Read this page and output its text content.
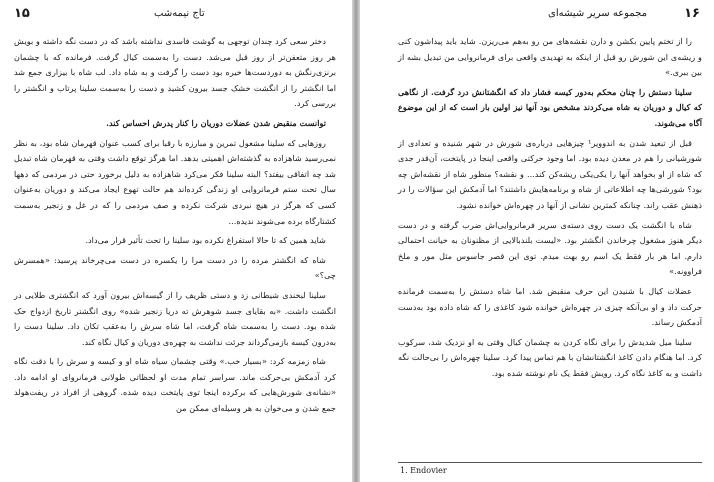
۱۵	تاج نیمه‌شب

دختر سعی کرد چندان توجهی به گوشت فاسدی نداشته باشد که در دست نگه داشته و بویش هر روز متعفن‌تر از روز قبل می‌شد. دست را به‌سمت کیال گرفت. فرمانده که با چشمان برنزی‌رنگش به دوردست‌ها خیره بود دست را گرفت و به شاه داد. لب شاه با بیزاری جمع شد اما انگشتر را از انگشت خشک جسد بیرون کشید و دست را به‌سمت سلینا پرتاب و انگشتر را بررسی کرد.

توانست منقبض شدن عضلات دوریان را کنار پدرش احساس کند.

روزهایی که سلینا مشغول تمرین و مبارزه با رقبا برای کسب عنوان قهرمان شاه بود، به نظر نمی‌رسید شاهزاده به گذشته‌اش اهمیتی بدهد. اما هرگز توقع داشت وقتی به قهرمان شاه تبدیل شد چه اتفاقی بیفتد؟ البته سلینا فکر می‌کرد شاهزاده به دلیل برخورد حتی در مردمی که دهها سال تحت ستم فرمانروایی او زندگی کرده‌اند هم حالت تهوع ایجاد می‌کند و دوریان به‌عنوان کسی که هرگز در هیچ نبردی شرکت نکرده و صف مردمی را که در غل و زنجیر به‌سمت کشتارگاه برده می‌شوند ندیده...

شاید همین که تا حالا استفراغ نکرده بود سلینا را تحت تأثیر قرار می‌داد.

شاه که انگشتر مرده را در دست مرا را یکسره در دست می‌چرخاند پرسید: «همسرش چی؟»

سلینا لبخندی شیطانی زد و دستی ظریف را از گیسه‌اش بیرون آورد که انگشتری طلایی در انگشت داشت. «به بقایای جسد شوهرش ته دریا زنجیر شده» روی انگشتر تاریخ ازدواج حک شده بود. دست را به‌سمت شاه گرفت، اما شاه سرش را به‌عقب تکان داد. سلینا دست را به‌درون کیسه بازمی‌گرداند جرئت نداشت به چهره‌ی دوریان و کیال نگاه کند.

شاه زمزمه کرد: «بسیار خب.» وقتی چشمان سیاه شاه او و کیسه و سرش را با دقت نگاه کرد آدمکش بی‌حرکت ماند. سراسر تمام مدت او لحظاتی طولانی فرمانروای او ادامه داد. «نشانه‌ی شورش‌هایی که برکرده اینجا توی پایتخت دیده شده. گروهی از افراد در ریفت‌هولد جمع شدن و می‌خوان به هر وسیله‌ای ممکن من

مجموعه سریر شیشه‌ای	۱۶

را از تختم پایین بکشن و دارن نقشه‌های من رو به‌هم می‌ریزن. شاید باید پیداشون کنی و ریشه‌ی این شورش رو قبل از اینکه به تهدیدی واقعی برای فرمانروایی من تبدیل بشه از بین ببری.»

سلینا دستش را چنان محکم به‌دور کیسه فشار داد که انگشتانش درد گرفت. از نگاهی که کیال و دوریان به شاه می‌کردند مشخص بود آنها نیز اولین بار است که از این موضوع آگاه می‌شوند.

قبل از تبعید شدن به اندوویر¹ چیزهایی درباره‌ی شورش در شهر شنیده و تعدادی از شورشیانی را هم در معدن دیده بود. اما وجود حرکتی واقعی اینجا در پایتخت، آن‌قدر جدی که شاه از او بخواهد آنها را یکی‌یکی ریشه‌کن کند... و نقشه؟ منظور شاه از نقشه‌اش چه بود؟ شورشی‌ها چه اطلاعاتی از شاه و برنامه‌هایش داشتند؟ اما آدمکش این سؤالات را در ذهنش عقب راند. چنانکه کمترین نشانی از آنها در چهره‌اش خوانده نشود.

شاه با انگشت یک دست روی دسته‌ی سریر فرمانروایی‌اش ضرب گرفته و در دست دیگر هنوز مشغول چرخاندن انگشتر بود. «لیست بلندبالایی از مظنونان به خیانت احتمالی دارم. اما هر بار فقط یک اسم رو بهت میدم. توی این قصر جاسوس مثل مور و ملخ فراوونه.»

عضلات کیال با شنیدن این حرف منقبض شد. اما شاه دستش را به‌سمت فرمانده حرکت داد و او بی‌آنکه چیزی در چهره‌اش خوانده شود کاغذی را که شاه داده بود به‌دست آدمکش رساند.

سلینا میل شدیدش را برای نگاه کردن به چشمان کیال وقتی به او نزدیک شد، سرکوب کرد. اما هنگام دادن کاغذ انگشتانشان با هم تماس پیدا کرد. سلینا چهره‌اش را بی‌حالت نگه داشت و به کاغذ نگاه کرد. رویش فقط یک نام نوشته شده بود.

1. Endovier
